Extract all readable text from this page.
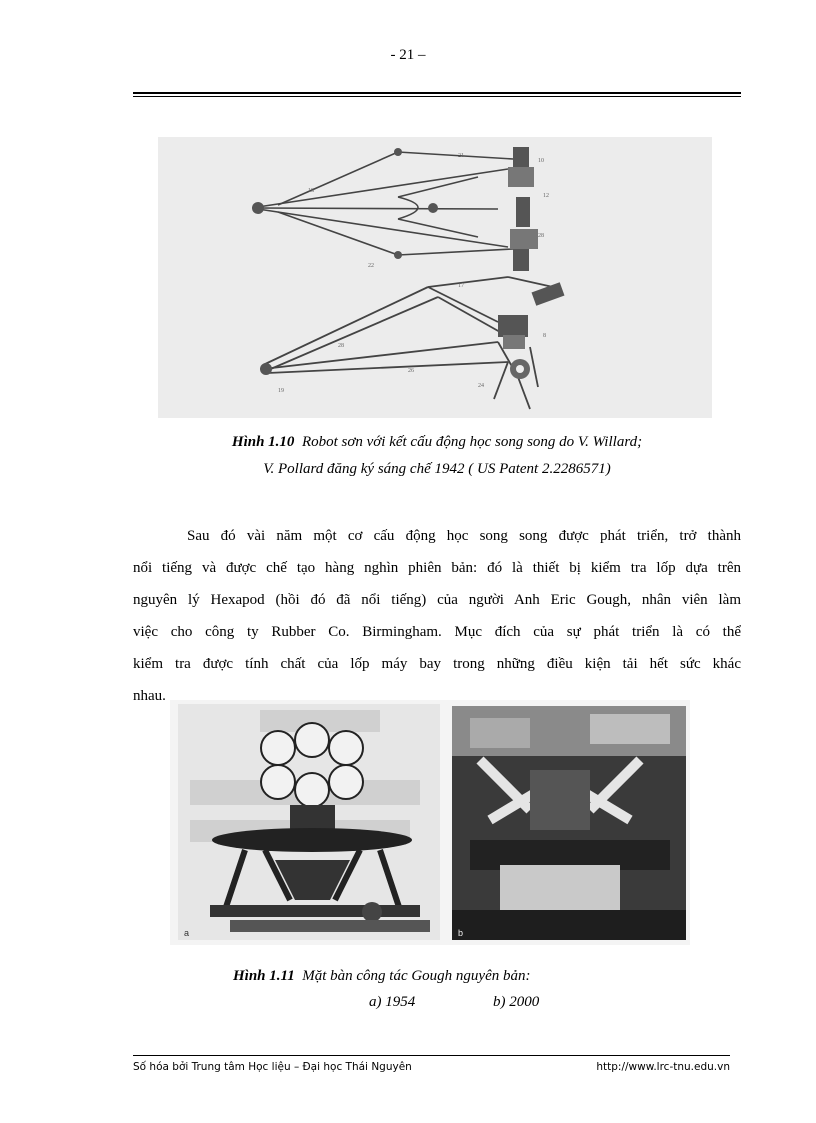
- 21 –
18
21
10
12
28
22
28
17
8
24
19
26
Hình 1.10 Robot sơn với kết cấu động học song song do V. Willard;
V. Pollard đăng ký sáng chế 1942 ( US Patent 2.2286571)
Sau đó vài năm một cơ cấu động học song song được phát triển, trở thành
nổi tiếng và được chế tạo hàng nghìn phiên bản: đó là thiết bị kiểm tra lốp dựa trên
nguyên lý Hexapod (hồi đó đã nổi tiếng) của người Anh Eric Gough, nhân viên làm
việc cho công ty Rubber Co. Birmingham. Mục đích của sự phát triển là có thể
kiểm tra được tính chất của lốp máy bay trong những điều kiện tải hết sức khác
nhau.
a	b
Hình 1.11 Mặt bàn công tác Gough nguyên bản:
a) 1954	b) 2000
Số hóa bởi Trung tâm Học liệu – Đại học Thái Nguyên	http://www.lrc-tnu.edu.vn
